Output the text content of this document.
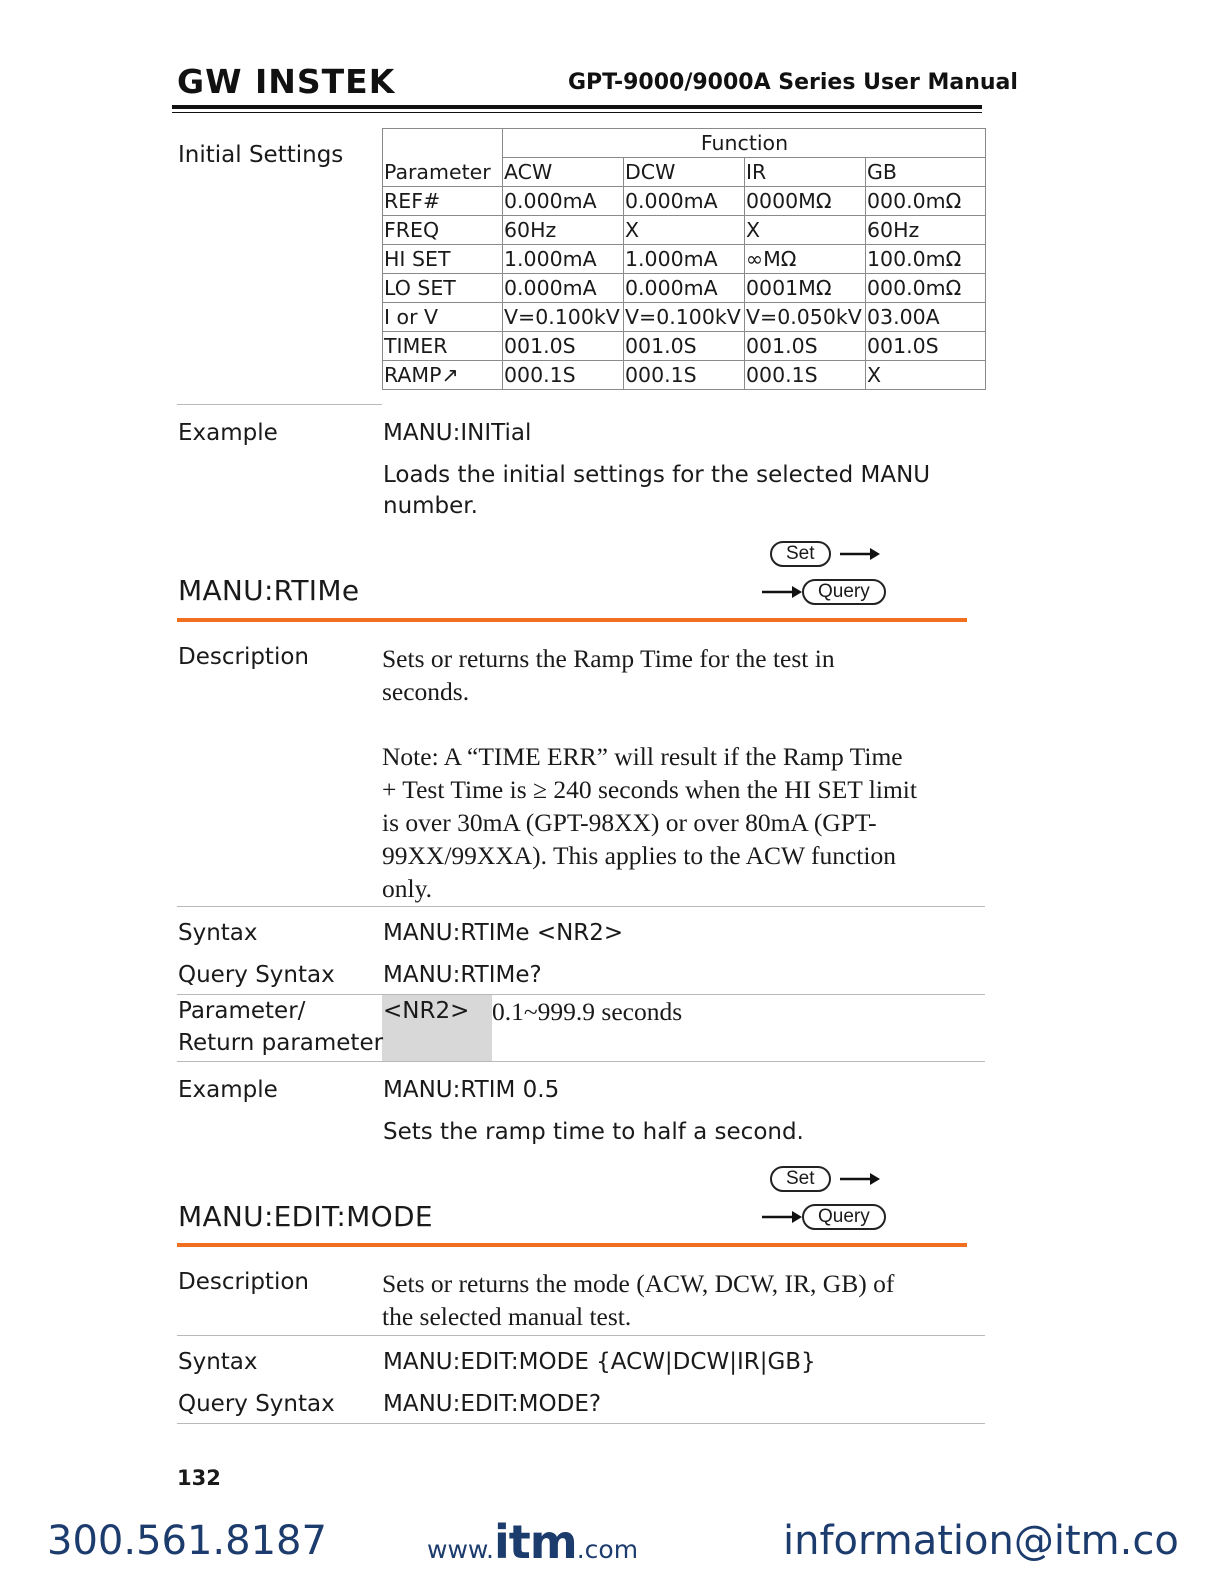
GW INSTEK	GPT-9000/9000A Series User Manual
Initial Settings
		Function			
Parameter	ACW	DCW	IR	GB
REF#	0.000mA	0.000mA	0000MΩ	000.0mΩ
FREQ	60Hz	X	X	60Hz
HI SET	1.000mA	1.000mA	∞MΩ	100.0mΩ
LO SET	0.000mA	0.000mA	0001MΩ	000.0mΩ
I or V	V=0.100kV	V=0.100kV	V=0.050kV	03.00A
TIMER	001.0S	001.0S	001.0S	001.0S
RAMP↗	000.1S	000.1S	000.1S	X
Example	MANU:INITial
Loads the initial settings for the selected MANU
number.
Set
Query
MANU:RTIMe
Description	Sets or returns the Ramp Time for the test in
seconds.
Note: A “TIME ERR” will result if the Ramp Time
+ Test Time is ≥ 240 seconds when the HI SET limit
is over 30mA (GPT-98XX) or over 80mA (GPT-
99XX/99XXA). This applies to the ACW function
only.
Syntax	MANU:RTIMe <NR2>
Query Syntax MANU:RTIMe?
Parameter/
Return parameter
<NR2> 0.1~999.9 seconds
Example	MANU:RTIM 0.5
Sets the ramp time to half a second.
Set
Query
MANU:EDIT:MODE
Description	Sets or returns the mode (ACW, DCW, IR, GB) of
the selected manual test.
Syntax	MANU:EDIT:MODE {ACW|DCW|IR|GB}
Query Syntax MANU:EDIT:MODE?
132
300.561.8187	www.itm.com	information@itm.co
